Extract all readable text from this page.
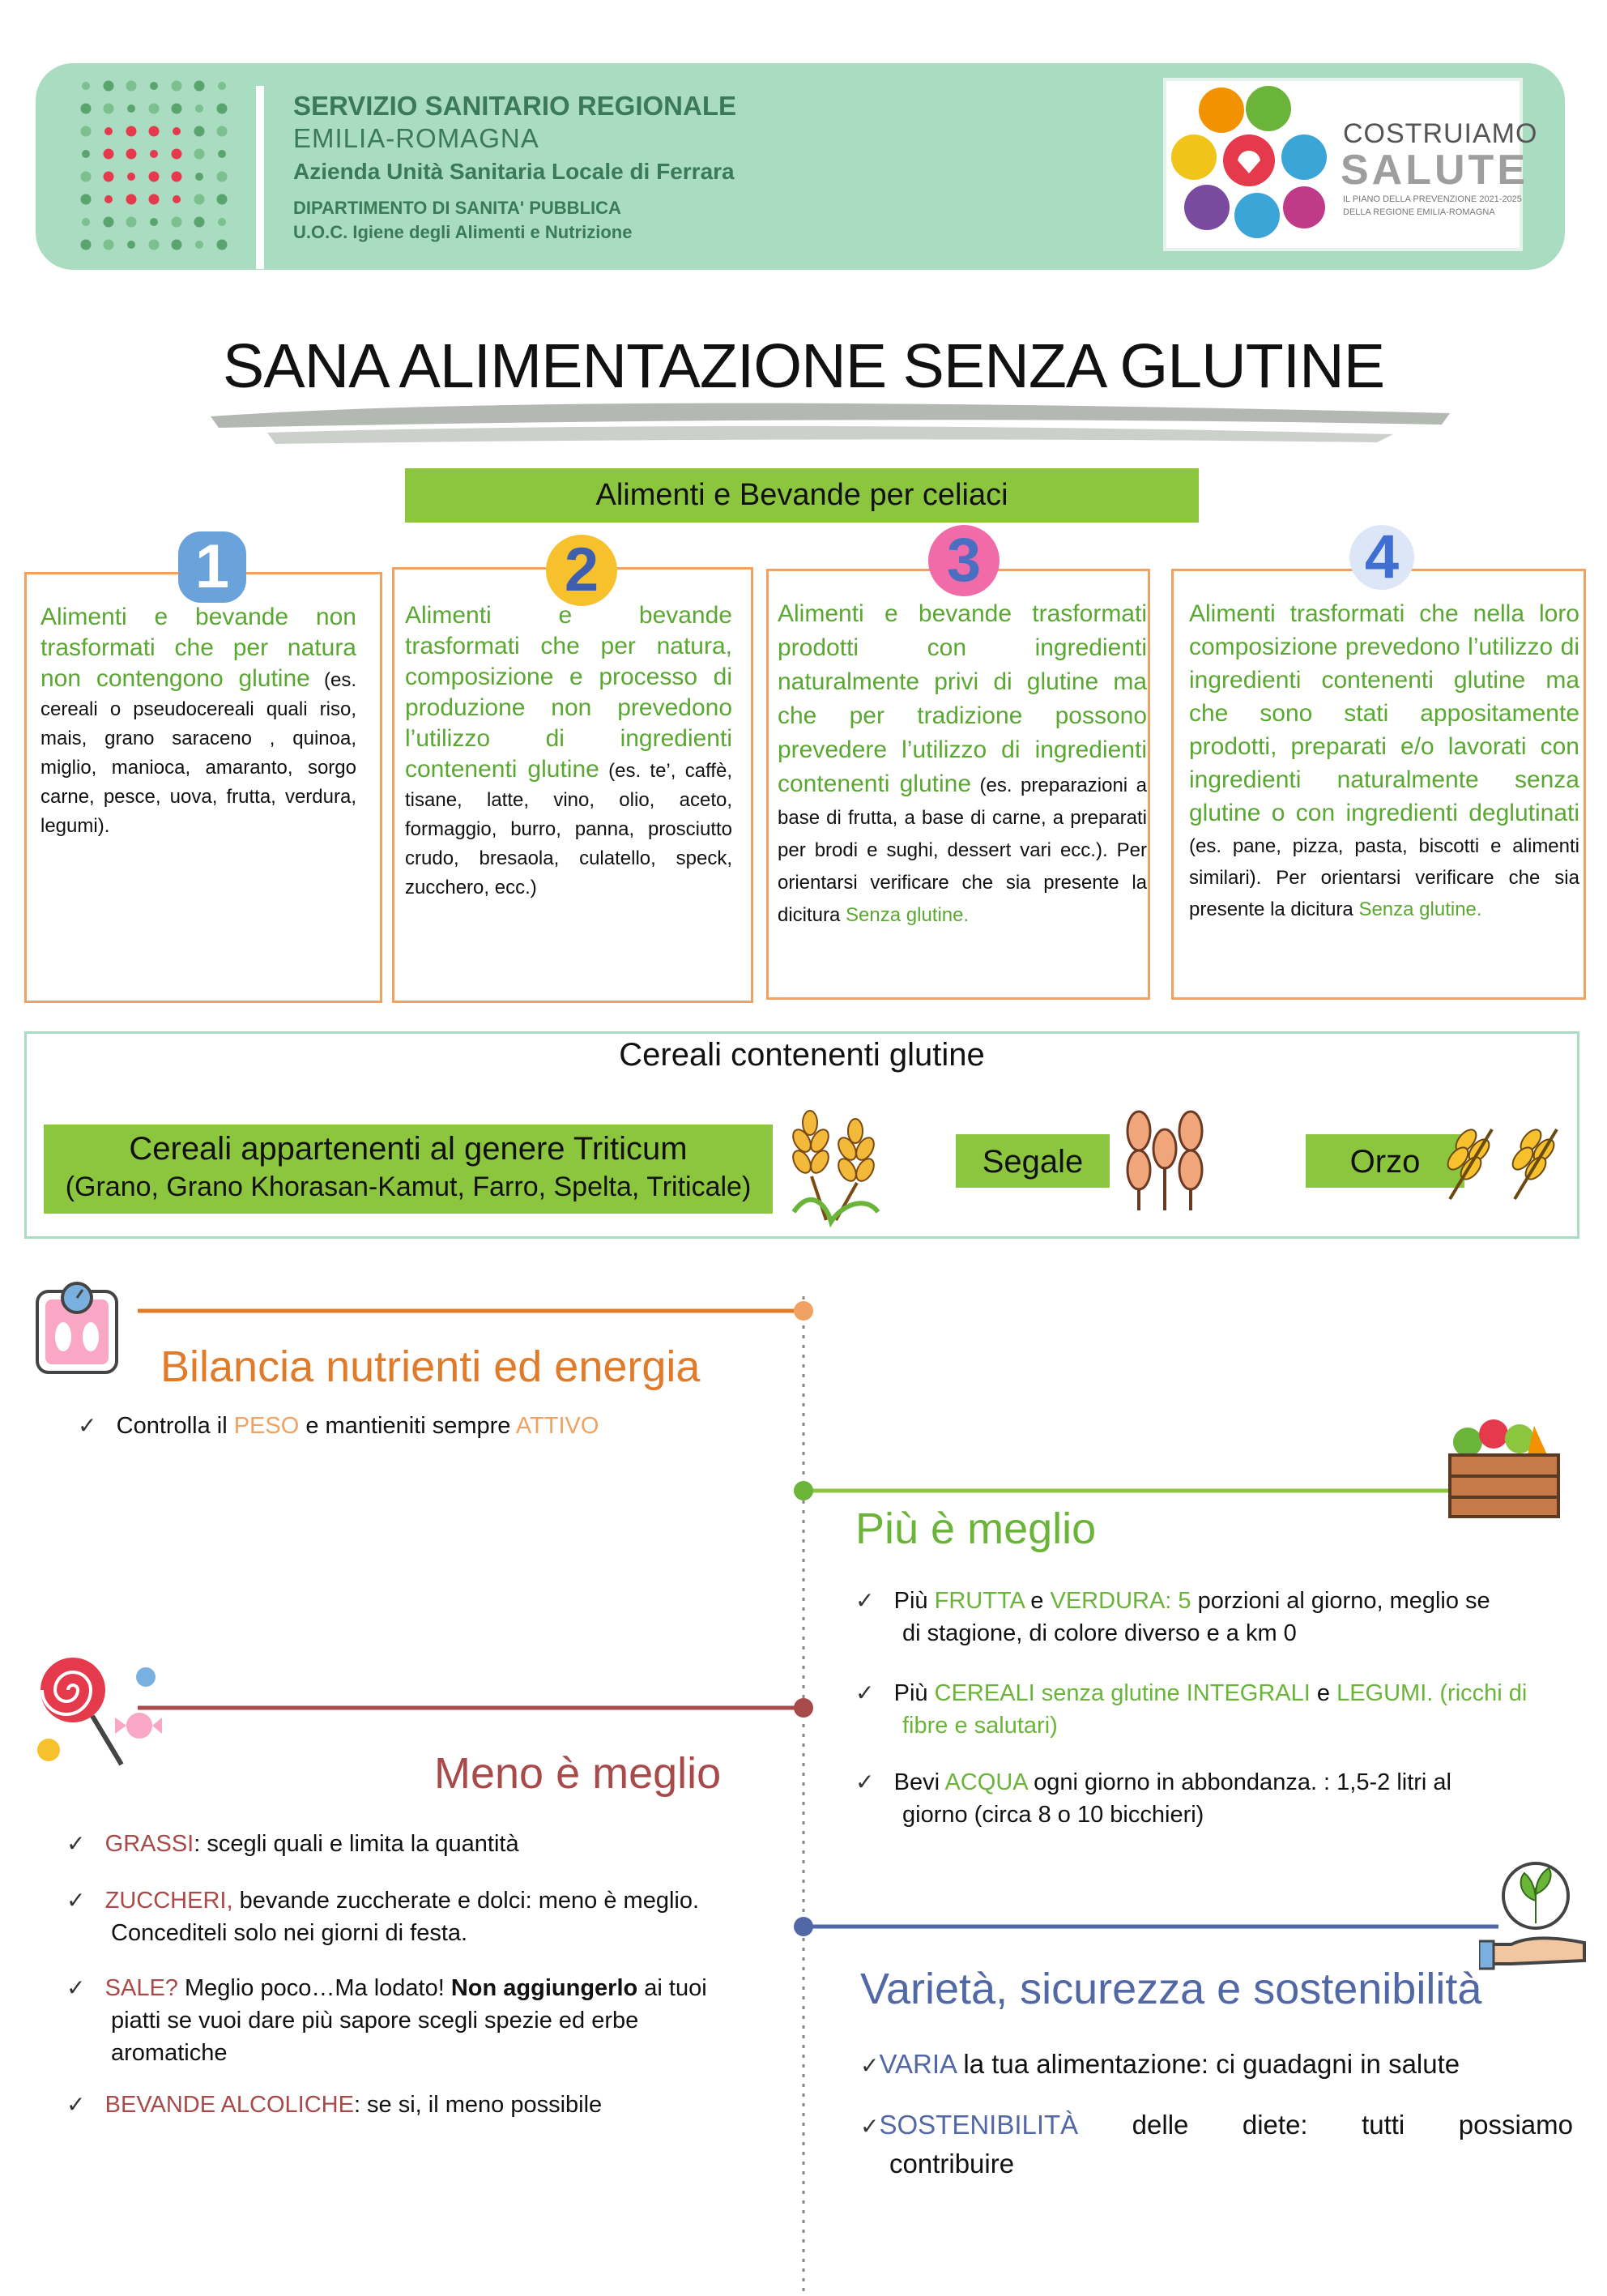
SERVIZIO SANITARIO REGIONALE
EMILIA-ROMAGNA
Azienda Unità Sanitaria Locale di Ferrara
DIPARTIMENTO DI SANITA' PUBBLICA
U.O.C. Igiene degli Alimenti e Nutrizione
COSTRUIAMO
SALUTE
IL PIANO DELLA PREVENZIONE 2021-2025
DELLA REGIONE EMILIA-ROMAGNA
SANA ALIMENTAZIONE SENZA GLUTINE
Alimenti e Bevande per celiaci
1
Alimenti e bevande non trasformati che per natura non contengono glutine (es. cereali o pseudocereali quali riso, mais, grano saraceno , quinoa, miglio, manioca, amaranto, sorgo carne, pesce, uova, frutta, verdura, legumi).
2
Alimenti e bevande trasformati che per natura, composizione e processo di produzione non prevedono l’utilizzo di ingredienti contenenti glutine (es. te’, caffè, tisane, latte, vino, olio, aceto, formaggio, burro, panna, prosciutto crudo, bresaola, culatello, speck, zucchero, ecc.)
3
Alimenti e bevande trasformati prodotti con ingredienti naturalmente privi di glutine ma che per tradizione possono prevedere l’utilizzo di ingredienti contenenti glutine (es. preparazioni a base di frutta, a base di carne, a preparati per brodi e sughi, dessert vari ecc.). Per orientarsi verificare che sia presente la dicitura Senza glutine.
4
Alimenti trasformati che nella loro composizione prevedono l’utilizzo di ingredienti contenenti glutine ma che sono stati appositamente prodotti, preparati e/o lavorati con ingredienti naturalmente senza glutine o con ingredienti deglutinati (es. pane, pizza, pasta, biscotti e alimenti similari). Per orientarsi verificare che sia presente la dicitura Senza glutine.
Cereali contenenti glutine
Cereali appartenenti al genere Triticum
(Grano, Grano Khorasan-Kamut, Farro, Spelta, Triticale)
Segale	Orzo
Bilancia nutrienti ed energia
✓ Controlla il PESO e mantieniti sempre ATTIVO
Più è meglio
✓ Più FRUTTA e VERDURA: 5 porzioni al giorno, meglio se
di stagione, di colore diverso e a km 0
✓ Più CEREALI senza glutine INTEGRALI e LEGUMI. (ricchi di
fibre e salutari)
✓ Bevi ACQUA ogni giorno in abbondanza. : 1,5-2 litri al
giorno (circa 8 o 10 bicchieri)
Meno è meglio
✓ GRASSI: scegli quali e limita la quantità
✓ ZUCCHERI, bevande zuccherate e dolci: meno è meglio.
Concediteli solo nei giorni di festa.
✓ SALE? Meglio poco…Ma lodato! Non aggiungerlo ai tuoi
piatti se vuoi dare più sapore scegli spezie ed erbe
aromatiche
✓ BEVANDE ALCOLICHE: se si, il meno possibile
Varietà, sicurezza e sostenibilità
✓VARIA la tua alimentazione: ci guadagni in salute
✓SOSTENIBILITÀ delle diete: tutti possiamo
contribuire
